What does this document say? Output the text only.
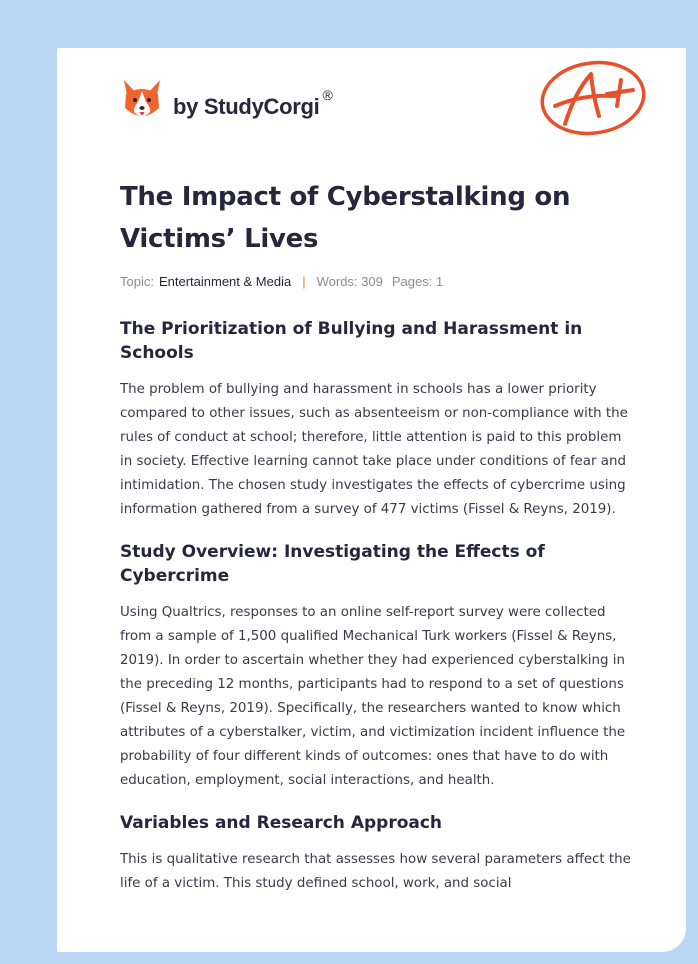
by StudyCorgi ®
The Impact of Cyberstalking on Victims’ Lives
Topic: Entertainment & Media | Words: 309 Pages: 1
The Prioritization of Bullying and Harassment in Schools

The problem of bullying and harassment in schools has a lower priority compared to other issues, such as absenteeism or non-compliance with the rules of conduct at school; therefore, little attention is paid to this problem in society. Effective learning cannot take place under conditions of fear and intimidation. The chosen study investigates the effects of cybercrime using information gathered from a survey of 477 victims (Fissel & Reyns, 2019).

Study Overview: Investigating the Effects of Cybercrime

Using Qualtrics, responses to an online self-report survey were collected from a sample of 1,500 qualified Mechanical Turk workers (Fissel & Reyns, 2019). In order to ascertain whether they had experienced cyberstalking in the preceding 12 months, participants had to respond to a set of questions (Fissel & Reyns, 2019). Specifically, the researchers wanted to know which attributes of a cyberstalker, victim, and victimization incident influence the probability of four different kinds of outcomes: ones that have to do with education, employment, social interactions, and health.

Variables and Research Approach

This is qualitative research that assesses how several parameters affect the life of a victim. This study defined school, work, and social
